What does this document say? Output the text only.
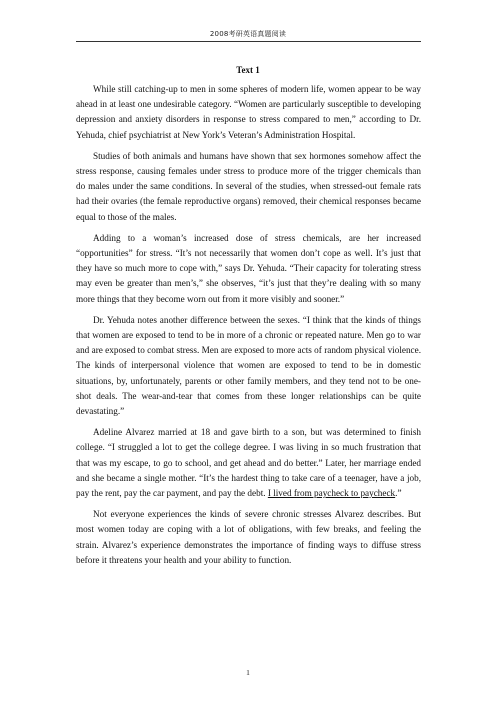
2008考研英语真题阅读
Text 1

While still catching-up to men in some spheres of modern life, women appear to be way ahead in at least one undesirable category. “Women are particularly susceptible to developing depression and anxiety disorders in response to stress compared to men,” according to Dr. Yehuda, chief psychiatrist at New York’s Veteran’s Administration Hospital.

Studies of both animals and humans have shown that sex hormones somehow affect the stress response, causing females under stress to produce more of the trigger chemicals than do males under the same conditions. In several of the studies, when stressed-out female rats had their ovaries (the female reproductive organs) removed, their chemical responses became equal to those of the males.

Adding to a woman’s increased dose of stress chemicals, are her increased “opportunities” for stress. “It’s not necessarily that women don’t cope as well. It’s just that they have so much more to cope with,” says Dr. Yehuda. “Their capacity for tolerating stress may even be greater than men’s,” she observes, “it’s just that they’re dealing with so many more things that they become worn out from it more visibly and sooner.”

Dr. Yehuda notes another difference between the sexes. “I think that the kinds of things that women are exposed to tend to be in more of a chronic or repeated nature. Men go to war and are exposed to combat stress. Men are exposed to more acts of random physical violence. The kinds of interpersonal violence that women are exposed to tend to be in domestic situations, by, unfortunately, parents or other family members, and they tend not to be one-shot deals. The wear-and-tear that comes from these longer relationships can be quite devastating.”

Adeline Alvarez married at 18 and gave birth to a son, but was determined to finish college. “I struggled a lot to get the college degree. I was living in so much frustration that that was my escape, to go to school, and get ahead and do better.” Later, her marriage ended and she became a single mother. “It’s the hardest thing to take care of a teenager, have a job, pay the rent, pay the car payment, and pay the debt. I lived from paycheck to paycheck.”

Not everyone experiences the kinds of severe chronic stresses Alvarez describes. But most women today are coping with a lot of obligations, with few breaks, and feeling the strain. Alvarez’s experience demonstrates the importance of finding ways to diffuse stress before it threatens your health and your ability to function.

1
